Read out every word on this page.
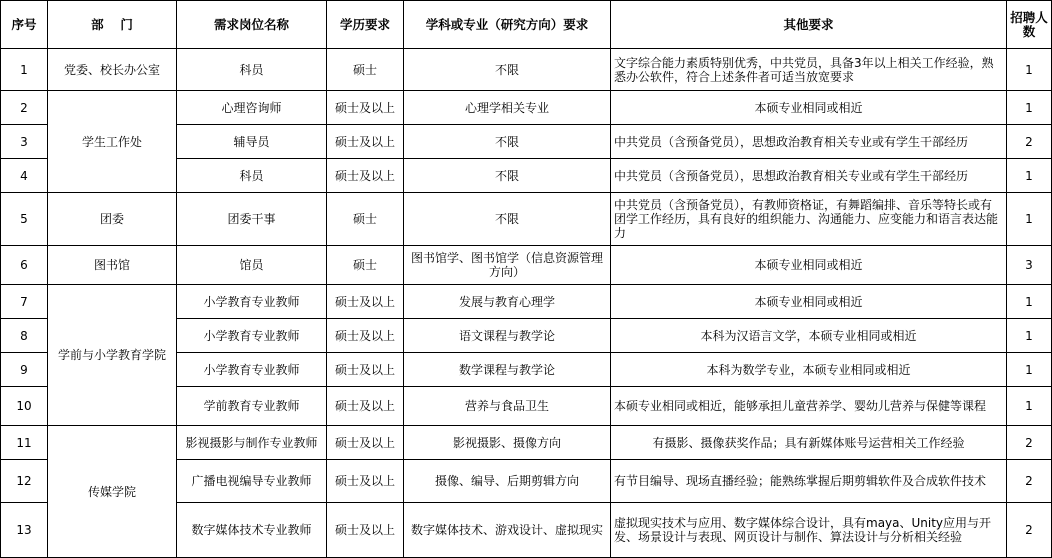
序号	部　 门	需求岗位名称	学历要求	学科或专业（研究方向）要求	其他要求	招聘人数
1	党委、校长办公室	科员	硕士	不限	文字综合能力素质特别优秀，中共党员，具备3年以上相关工作经验，熟悉办公软件，符合上述条件者可适当放宽要求	1
2	学生工作处	心理咨询师	硕士及以上	心理学相关专业	本硕专业相同或相近	1
3		辅导员	硕士及以上	不限	中共党员（含预备党员），思想政治教育相关专业或有学生干部经历	2
4		科员	硕士及以上	不限	中共党员（含预备党员），思想政治教育相关专业或有学生干部经历	1
5	团委	团委干事	硕士	不限	中共党员（含预备党员），有教师资格证，有舞蹈编排、音乐等特长或有团学工作经历，具有良好的组织能力、沟通能力、应变能力和语言表达能力	1
6	图书馆	馆员	硕士	图书馆学、图书馆学（信息资源管理方向）	本硕专业相同或相近	3
7	学前与小学教育学院	小学教育专业教师	硕士及以上	发展与教育心理学	本硕专业相同或相近	1
8		小学教育专业教师	硕士及以上	语文课程与教学论	本科为汉语言文学，本硕专业相同或相近	1
9		小学教育专业教师	硕士及以上	数学课程与教学论	本科为数学专业，本硕专业相同或相近	1
10		学前教育专业教师	硕士及以上	营养与食品卫生	本硕专业相同或相近，能够承担儿童营养学、婴幼儿营养与保健等课程	1
11	传媒学院	影视摄影与制作专业教师	硕士及以上	影视摄影、摄像方向	有摄影、摄像获奖作品；具有新媒体账号运营相关工作经验	2
12		广播电视编导专业教师	硕士及以上	摄像、编导、后期剪辑方向	有节目编导、现场直播经验；能熟练掌握后期剪辑软件及合成软件技术	2
13		数字媒体技术专业教师	硕士及以上	数字媒体技术、游戏设计、虚拟现实	虚拟现实技术与应用、数字媒体综合设计，具有maya、Unity应用与开发、场景设计与表现、网页设计与制作、算法设计与分析相关经验	2
